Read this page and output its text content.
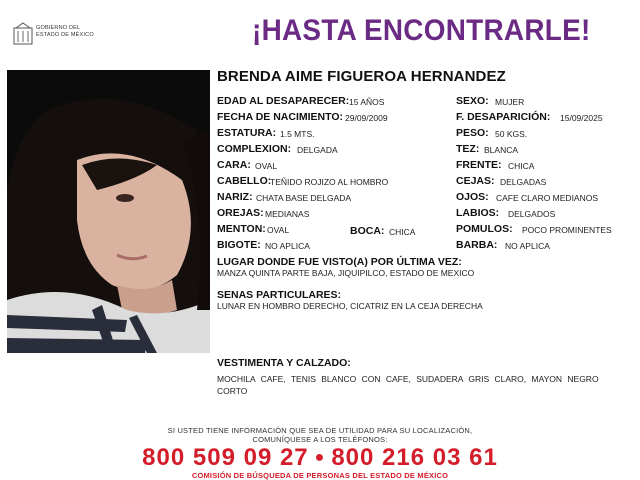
GOBIERNO DEL
ESTADO DE MÉXICO	¡HASTA ENCONTRARLE!
BRENDA AIME FIGUEROA HERNANDEZ
EDAD AL DESAPARECER: 15 AÑOS
FECHA DE NACIMIENTO: 29/09/2009
ESTATURA: 1.5 MTS.
COMPLEXION: DELGADA
CARA: OVAL
CABELLO:
TEÑIDO ROJIZO AL HOMBRO
NARIZ: CHATA BASE DELGADA
OREJAS: MEDIANAS
MENTON: OVAL	BOCA: CHICA
BIGOTE: NO APLICA
SEXO: MUJER
F. DESAPARICIÓN: 15/09/2025
PESO: 50 KGS.
TEZ: BLANCA
FRENTE: CHICA
CEJAS: DELGADAS
OJOS: CAFE CLARO MEDIANOS
LABIOS: DELGADOS
POMULOS: POCO PROMINENTES
BARBA: NO APLICA
LUGAR DONDE FUE VISTO(A) POR ÚLTIMA VEZ:
MANZA QUINTA PARTE BAJA, JIQUIPILCO, ESTADO DE MEXICO
SENAS PARTICULARES:
LUNAR EN HOMBRO DERECHO, CICATRIZ EN LA CEJA DERECHA
VESTIMENTA Y CALZADO:
MOCHILA CAFE, TENIS BLANCO CON CAFE, SUDADERA GRIS CLARO, MAYON NEGRO CORTO
SI USTED TIENE INFORMACIÓN QUE SEA DE UTILIDAD PARA SU LOCALIZACIÓN,
COMUNÍQUESE A LOS TELÉFONOS:
800 509 09 27 ● 800 216 03 61
COMISIÓN DE BÚSQUEDA DE PERSONAS DEL ESTADO DE MÉXICO
